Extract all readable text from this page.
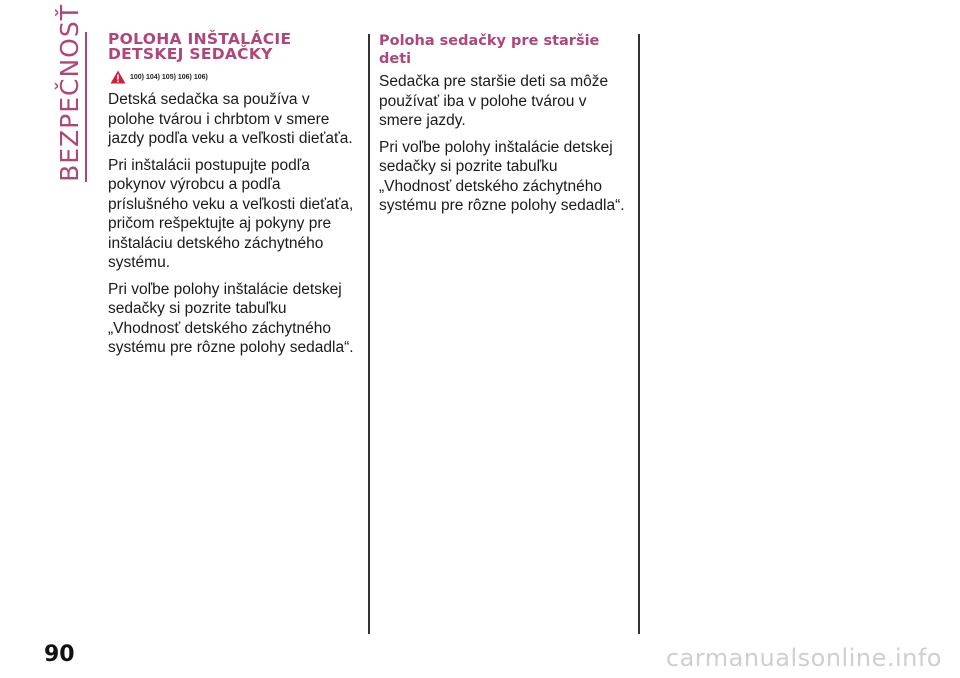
BEZPEČNOSŤ POLOHA INŠTALÁCIE
DETSKEJ SEDAČKY
100) 104) 105) 106) 106)

Detská sedačka sa používa v polohe tvárou i chrbtom v smere jazdy podľa veku a veľkosti dieťaťa.

Pri inštalácii postupujte podľa pokynov výrobcu a podľa príslušného veku a veľkosti dieťaťa, pričom rešpektujte aj pokyny pre inštaláciu detského záchytného systému.

Pri voľbe polohy inštalácie detskej sedačky si pozrite tabuľku „Vhodnosť detského záchytného systému pre rôzne polohy sedadla“.

Poloha sedačky pre staršie deti

Sedačka pre staršie deti sa môže používať iba v polohe tvárou v smere jazdy.

Pri voľbe polohy inštalácie detskej sedačky si pozrite tabuľku „Vhodnosť detského záchytného systému pre rôzne polohy sedadla“.

90	carmanualsonline.info
